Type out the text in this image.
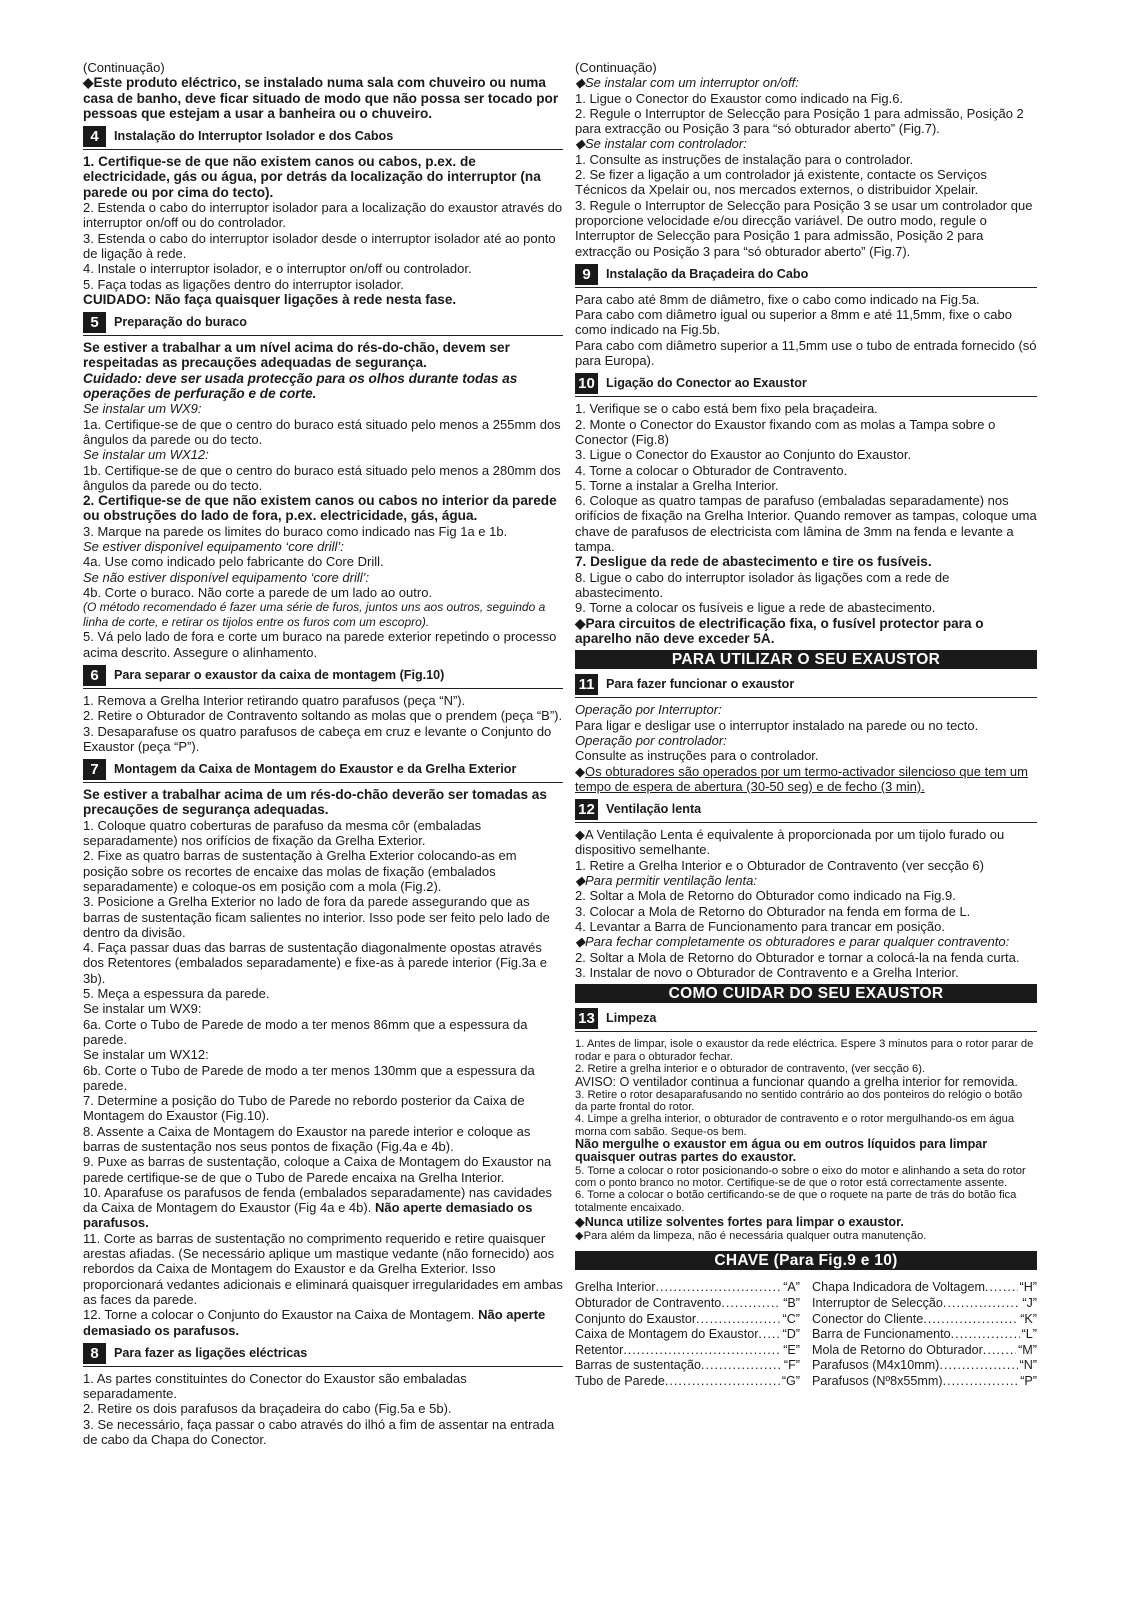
(Continuação)

◆ Este produto eléctrico, se instalado numa sala com chuveiro ou numa casa de banho, deve ficar situado de modo que não possa ser tocado por pessoas que estejam a usar a banheira ou o chuveiro.

4	Instalação do Interruptor Isolador e dos Cabos

1. Certifique-se de que não existem canos ou cabos, p.ex. de electricidade, gás ou água, por detrás da localização do interruptor (na parede ou por cima do tecto).

2. Estenda o cabo do interruptor isolador para a localização do exaustor através do interruptor on/off ou do controlador.

3. Estenda o cabo do interruptor isolador desde o interruptor isolador até ao ponto de ligação à rede.

4. Instale o interruptor isolador, e o interruptor on/off ou controlador.

5. Faça todas as ligações dentro do interruptor isolador.

CUIDADO: Não faça quaisquer ligações à rede nesta fase.

5	Preparação do buraco

Se estiver a trabalhar a um nível acima do rés-do-chão, devem ser respeitadas as precauções adequadas de segurança.

Cuidado: deve ser usada protecção para os olhos durante todas as operações de perfuração e de corte.

Se instalar um WX9:

1a. Certifique-se de que o centro do buraco está situado pelo menos a 255mm dos ângulos da parede ou do tecto.

Se instalar um WX12:

1b. Certifique-se de que o centro do buraco está situado pelo menos a 280mm dos ângulos da parede ou do tecto.

2. Certifique-se de que não existem canos ou cabos no interior da parede ou obstruções do lado de fora, p.ex. electricidade, gás, água.

3. Marque na parede os limites do buraco como indicado nas Fig 1a e 1b.

Se estiver disponível equipamento ‘core drill’:

4a. Use como indicado pelo fabricante do Core Drill.

Se não estiver disponível equipamento ‘core drill’:

4b. Corte o buraco. Não corte a parede de um lado ao outro.

(O método recomendado é fazer uma série de furos, juntos uns aos outros, seguindo a linha de corte, e retirar os tijolos entre os furos com um escopro).

5. Vá pelo lado de fora e corte um buraco na parede exterior repetindo o processo acima descrito. Assegure o alinhamento.

6	Para separar o exaustor da caixa de montagem (Fig.10)

1. Remova a Grelha Interior retirando quatro parafusos (peça “N”).

2. Retire o Obturador de Contravento soltando as molas que o prendem (peça “B”).

3. Desaparafuse os quatro parafusos de cabeça em cruz e levante o Conjunto do Exaustor (peça “P”).

7	Montagem da Caixa de Montagem do Exaustor e da Grelha Exterior

Se estiver a trabalhar acima de um rés-do-chão deverão ser tomadas as precauções de segurança adequadas.

1. Coloque quatro coberturas de parafuso da mesma côr (embaladas separadamente) nos orifícios de fixação da Grelha Exterior.

2. Fixe as quatro barras de sustentação à Grelha Exterior colocando-as em posição sobre os recortes de encaixe das molas de fixação (embalados separadamente) e coloque-os em posição com a mola (Fig.2).

3. Posicione a Grelha Exterior no lado de fora da parede assegurando que as barras de sustentação ficam salientes no interior. Isso pode ser feito pelo lado de dentro da divisão.

4. Faça passar duas das barras de sustentação diagonalmente opostas através dos Retentores (embalados separadamente) e fixe-as à parede interior (Fig.3a e 3b).

5. Meça a espessura da parede.

Se instalar um WX9:

6a. Corte o Tubo de Parede de modo a ter menos 86mm que a espessura da parede.

Se instalar um WX12:

6b. Corte o Tubo de Parede de modo a ter menos 130mm que a espessura da parede.

7. Determine a posição do Tubo de Parede no rebordo posterior da Caixa de Montagem do Exaustor (Fig.10).

8. Assente a Caixa de Montagem do Exaustor na parede interior e coloque as barras de sustentação nos seus pontos de fixação (Fig.4a e 4b).

9. Puxe as barras de sustentação, coloque a Caixa de Montagem do Exaustor na parede certifique-se de que o Tubo de Parede encaixa na Grelha Interior.

10. Aparafuse os parafusos de fenda (embalados separadamente) nas cavidades da Caixa de Montagem do Exaustor (Fig 4a e 4b). Não aperte demasiado os parafusos.

11. Corte as barras de sustentação no comprimento requerido e retire quaisquer arestas afiadas. (Se necessário aplique um mastique vedante (não fornecido) aos rebordos da Caixa de Montagem do Exaustor e da Grelha Exterior. Isso proporcionará vedantes adicionais e eliminará quaisquer irregularidades em ambas as faces da parede.

12. Torne a colocar o Conjunto do Exaustor na Caixa de Montagem. Não aperte demasiado os parafusos.

8	Para fazer as ligações eléctricas

1. As partes constituintes do Conector do Exaustor são embaladas separadamente.

2. Retire os dois parafusos da braçadeira do cabo (Fig.5a e 5b).

3. Se necessário, faça passar o cabo através do ilhó a fim de assentar na entrada de cabo da Chapa do Conector.

(Continuação)

◆ Se instalar com um interruptor on/off:

1. Ligue o Conector do Exaustor como indicado na Fig.6.

2. Regule o Interruptor de Selecção para Posição 1 para admissão, Posição 2 para extracção ou Posição 3 para “só obturador aberto” (Fig.7).

◆ Se instalar com controlador:

1. Consulte as instruções de instalação para o controlador.

2. Se fizer a ligação a um controlador já existente, contacte os Serviços Técnicos da Xpelair ou, nos mercados externos, o distribuidor Xpelair.

3. Regule o Interruptor de Selecção para Posição 3 se usar um controlador que proporcione velocidade e/ou direcção variável. De outro modo, regule o Interruptor de Selecção para Posição 1 para admissão, Posição 2 para extracção ou Posição 3 para “só obturador aberto” (Fig.7).

9	Instalação da Braçadeira do Cabo

Para cabo até 8mm de diâmetro, fixe o cabo como indicado na Fig.5a.

Para cabo com diâmetro igual ou superior a 8mm e até 11,5mm, fixe o cabo como indicado na Fig.5b.

Para cabo com diâmetro superior a 11,5mm use o tubo de entrada fornecido (só para Europa).

10 Ligação do Conector ao Exaustor

1. Verifique se o cabo está bem fixo pela braçadeira.

2. Monte o Conector do Exaustor fixando com as molas a Tampa sobre o Conector (Fig.8)

3. Ligue o Conector do Exaustor ao Conjunto do Exaustor.

4. Torne a colocar o Obturador de Contravento.

5. Torne a instalar a Grelha Interior.

6. Coloque as quatro tampas de parafuso (embaladas separadamente) nos orifícios de fixação na Grelha Interior. Quando remover as tampas, coloque uma chave de parafusos de electricista com lâmina de 3mm na fenda e levante a tampa.

7. Desligue da rede de abastecimento e tire os fusíveis.

8. Ligue o cabo do interruptor isolador às ligações com a rede de abastecimento.

9. Torne a colocar os fusíveis e ligue a rede de abastecimento.

◆ Para circuitos de electrificação fixa, o fusível protector para o aparelho não deve exceder 5A.

PARA UTILIZAR O SEU EXAUSTOR
11 Para fazer funcionar o exaustor

Operação por Interruptor:

Para ligar e desligar use o interruptor instalado na parede ou no tecto.

Operação por controlador:

Consulte as instruções para o controlador.

◆ Os obturadores são operados por um termo-activador silencioso que tem um tempo de espera de abertura (30-50 seg) e de fecho (3 min).

12 Ventilação lenta

◆ A Ventilação Lenta é equivalente à proporcionada por um tijolo furado ou dispositivo semelhante.

1. Retire a Grelha Interior e o Obturador de Contravento (ver secção 6)

◆ Para permitir ventilação lenta:

2. Soltar a Mola de Retorno do Obturador como indicado na Fig.9.

3. Colocar a Mola de Retorno do Obturador na fenda em forma de L.

4. Levantar a Barra de Funcionamento para trancar em posição.

◆ Para fechar completamente os obturadores e parar qualquer contravento:

2. Soltar a Mola de Retorno do Obturador e tornar a colocá-la na fenda curta.

3. Instalar de novo o Obturador de Contravento e a Grelha Interior.

COMO CUIDAR DO SEU EXAUSTOR
13 Limpeza

1. Antes de limpar, isole o exaustor da rede eléctrica. Espere 3 minutos para o rotor parar de rodar e para o obturador fechar.

2. Retire a grelha interior e o obturador de contravento, (ver secção 6).

AVISO: O ventilador continua a funcionar quando a grelha interior for removida.

3. Retire o rotor desaparafusando no sentido contrário ao dos ponteiros do relógio o botão da parte frontal do rotor.

4. Limpe a grelha interior, o obturador de contravento e o rotor mergulhando-os em água morna com sabão. Seque-os bem.

Não mergulhe o exaustor em água ou em outros líquidos para limpar quaisquer outras partes do exaustor.

5. Torne a colocar o rotor posicionando-o sobre o eixo do motor e alinhando a seta do rotor com o ponto branco no motor. Certifique-se de que o rotor está correctamente assente.

6. Torne a colocar o botão certificando-se de que o roquete na parte de trás do botão fica totalmente encaixado.

◆ Nunca utilize solventes fortes para limpar o exaustor.

◆ Para além da limpeza, não é necessária qualquer outra manutenção.

CHAVE (Para Fig.9 e 10)
Grelha Interior .....	“A”
Obturador de Contravento .....	“B”
Conjunto do Exaustor .....	“C”
Caixa de Montagem do Exaustor ..... “D”
Retentor .....	“E”
Barras de sustentação .....	“F”
Tubo de Parede .....	“G”
Chapa Indicadora de Voltagem .....	“H”
Interruptor de Selecção .....	“J”
Conector do Cliente .....	“K”
Barra de Funcionamento .....	“L”
Mola de Retorno do Obturador .....	“M”
Parafusos (M4x10mm) .....	“N”
Parafusos (Nº8x55mm) .....	“P”
